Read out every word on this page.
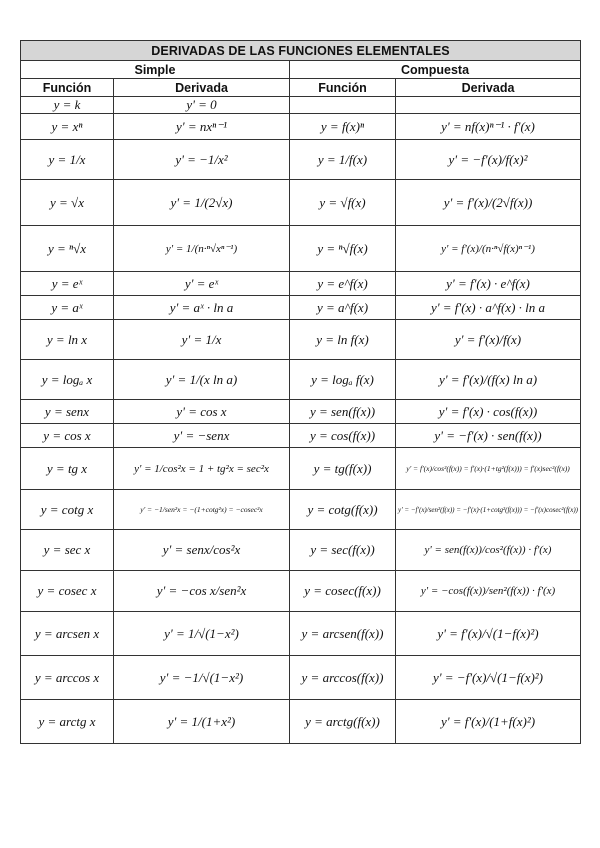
DERIVADAS DE LAS FUNCIONES ELEMENTALES			
Simple		Compuesta	
Función	Derivada	Función	Derivada
y = k	y' = 0		
y = xⁿ	y' = nxⁿ⁻¹	y = f(x)ⁿ	y' = nf(x)ⁿ⁻¹ · f'(x)
y = 1/x	y' = −1/x²	y = 1/f(x)	y' = −f'(x)/f(x)²
y = √x	y' = 1/(2√x)	y = √f(x)	y' = f'(x)/(2√f(x))
y = ⁿ√x	y' = 1/(n·ⁿ√xⁿ⁻¹)	y = ⁿ√f(x)	y' = f'(x)/(n·ⁿ√f(x)ⁿ⁻¹)
y = eˣ	y' = eˣ	y = e^f(x)	y' = f'(x) · e^f(x)
y = aˣ	y' = aˣ · ln a	y = a^f(x)	y' = f'(x) · a^f(x) · ln a
y = ln x	y' = 1/x	y = ln f(x)	y' = f'(x)/f(x)
y = logₐ x	y' = 1/(x ln a)	y = logₐ f(x)	y' = f'(x)/(f(x) ln a)
y = senx	y' = cos x	y = sen(f(x))	y' = f'(x) · cos(f(x))
y = cos x	y' = −senx	y = cos(f(x))	y' = −f'(x) · sen(f(x))
y = tg x	y' = 1/cos²x = 1 + tg²x = sec²x	y = tg(f(x))	y' = f'(x)/cos²(f(x)) = f'(x)·(1+tg²(f(x))) = f'(x)sec²(f(x))
y = cotg x	y' = −1/sen²x = −(1+cotg²x) = −cosec²x	y = cotg(f(x))	y' = −f'(x)/sen²(f(x)) = −f'(x)·(1+cotg²(f(x))) = −f'(x)cosec²(f(x))
y = sec x	y' = senx/cos²x	y = sec(f(x))	y' = sen(f(x))/cos²(f(x)) · f'(x)
y = cosec x	y' = −cos x/sen²x	y = cosec(f(x))	y' = −cos(f(x))/sen²(f(x)) · f'(x)
y = arcsen x	y' = 1/√(1−x²)	y = arcsen(f(x))	y' = f'(x)/√(1−f(x)²)
y = arccos x	y' = −1/√(1−x²)	y = arccos(f(x))	y' = −f'(x)/√(1−f(x)²)
y = arctg x	y' = 1/(1+x²)	y = arctg(f(x))	y' = f'(x)/(1+f(x)²)
